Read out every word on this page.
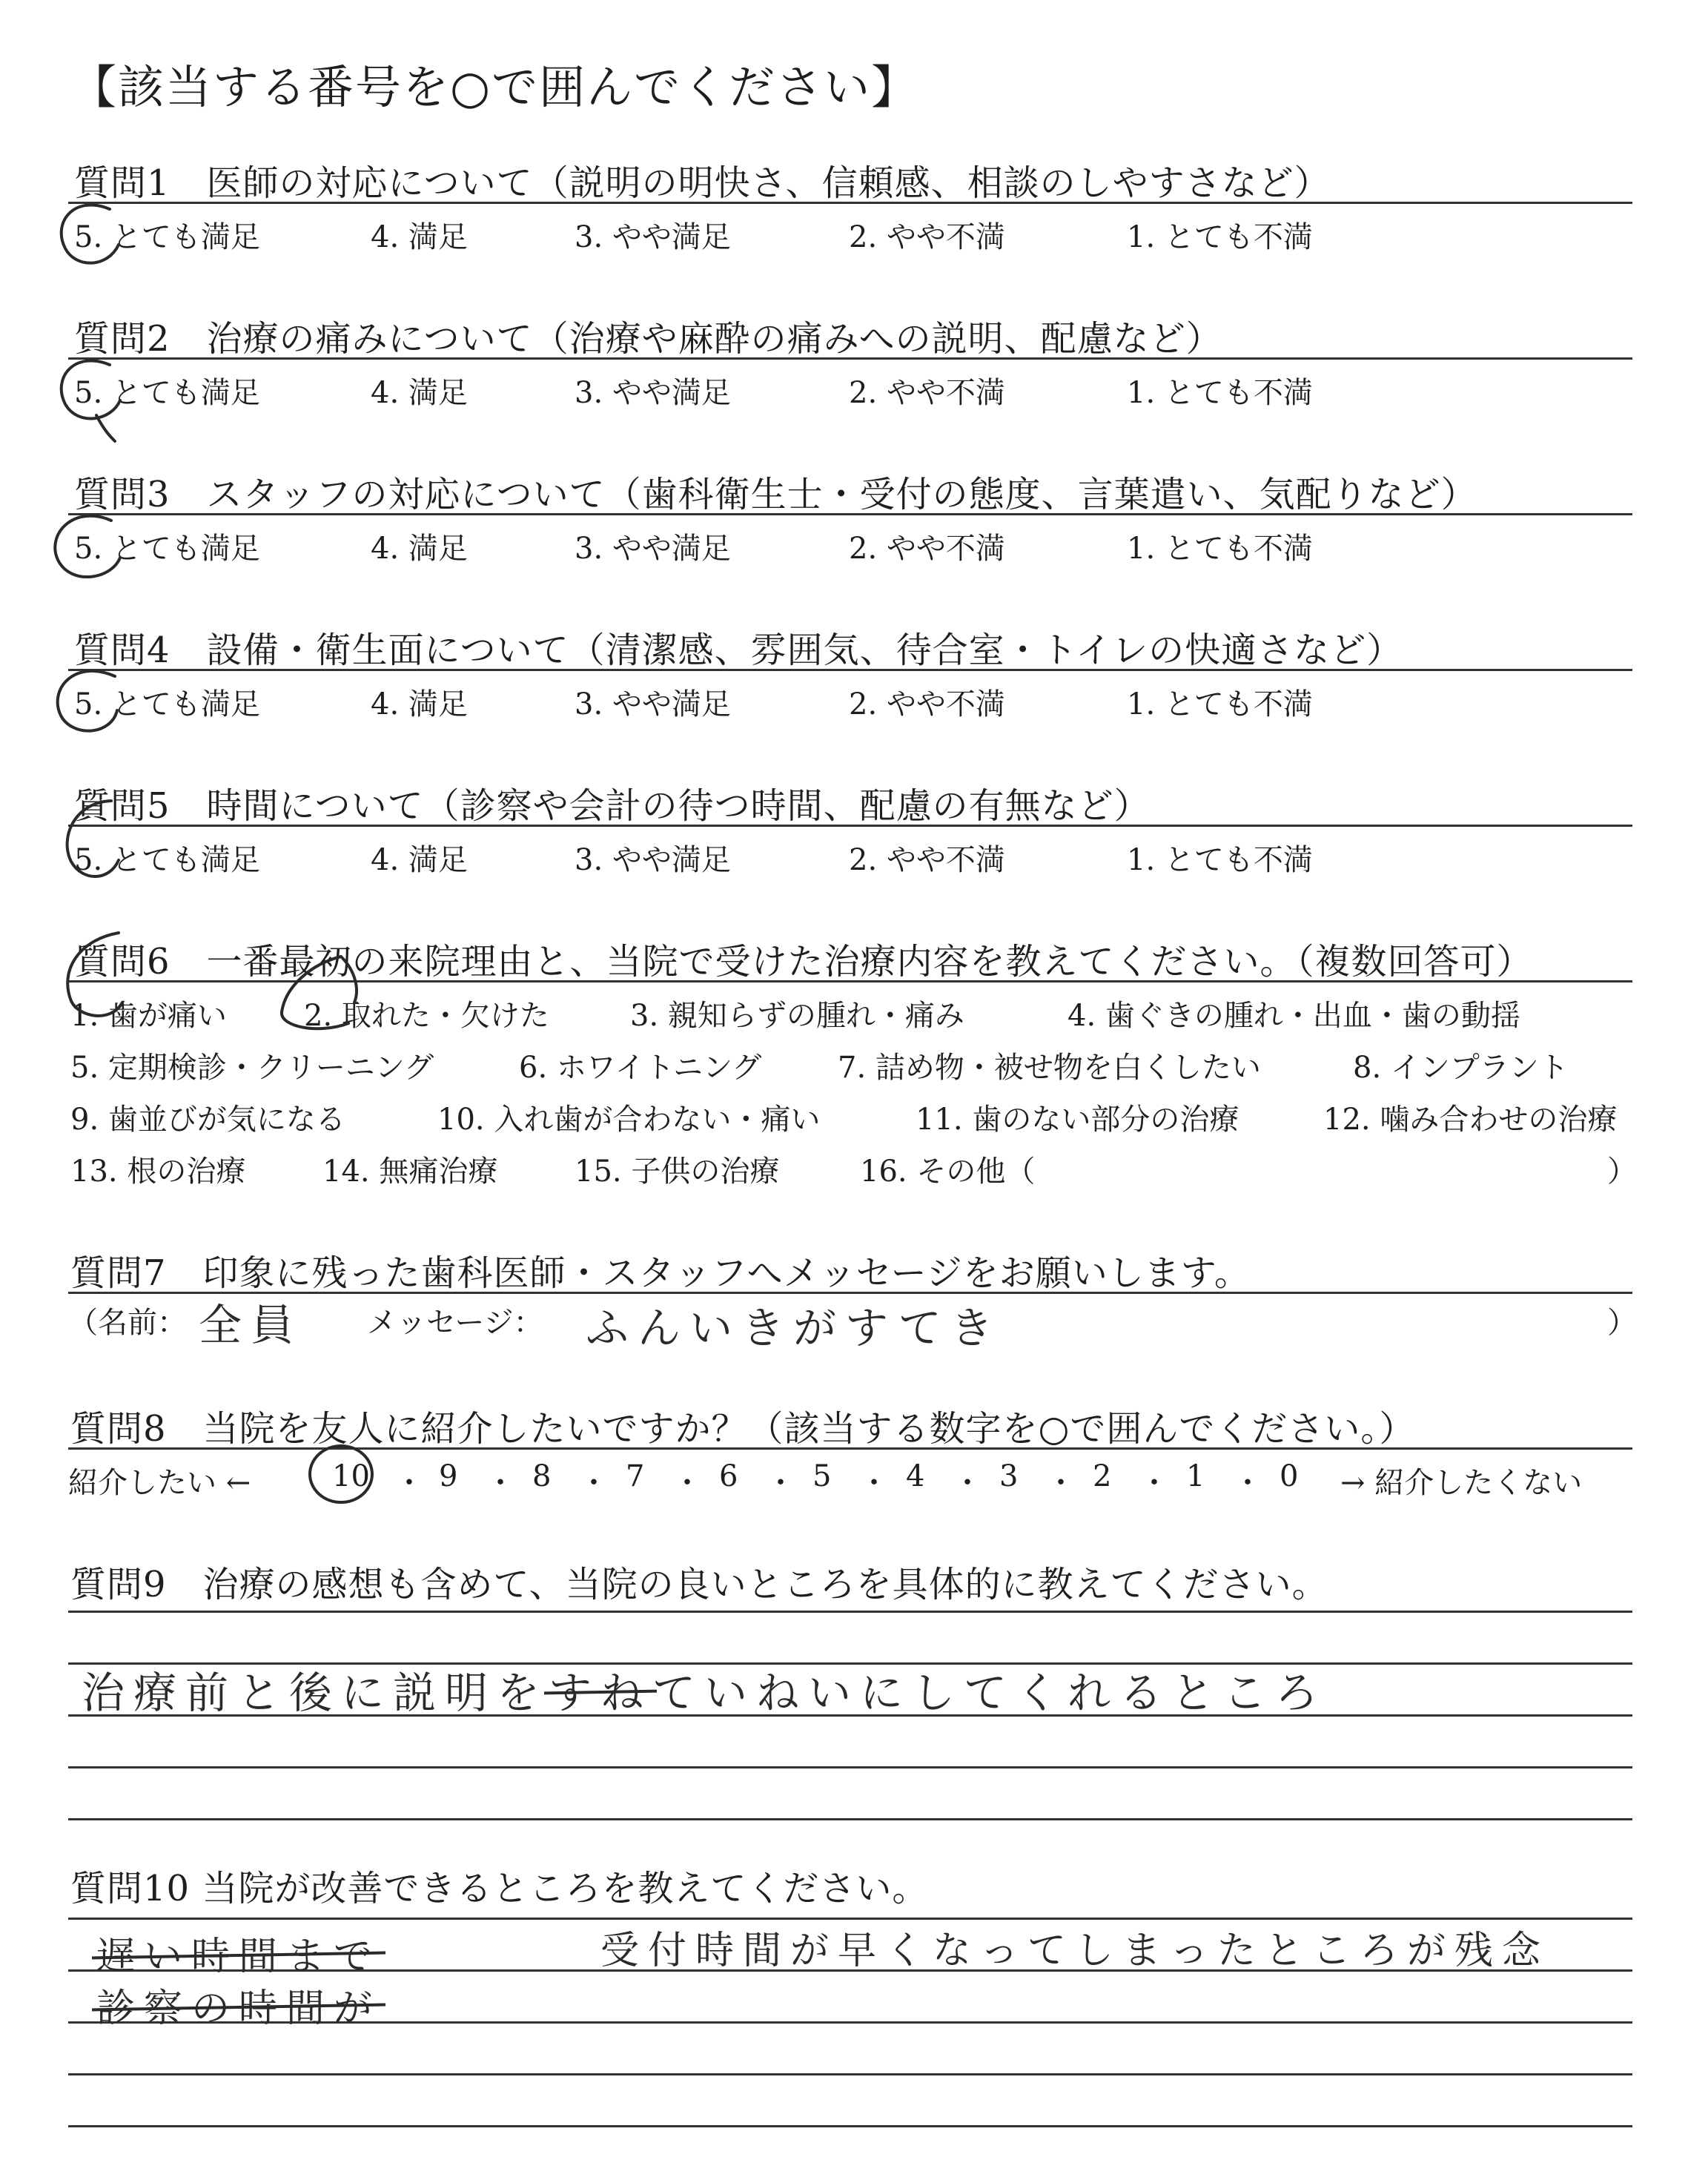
【該当する番号を○で囲んでください】
質問1　医師の対応について（説明の明快さ、信頼感、相談のしやすさなど）
5. とても満足	4. 満足	3. やや満足	2. やや不満	1. とても不満
質問2　治療の痛みについて（治療や麻酔の痛みへの説明、配慮など）
5. とても満足	4. 満足	3. やや満足	2. やや不満	1. とても不満
質問3　スタッフの対応について（歯科衛生士・受付の態度、言葉遣い、気配りなど）
5. とても満足	4. 満足	3. やや満足	2. やや不満	1. とても不満
質問4　設備・衛生面について（清潔感、雰囲気、待合室・トイレの快適さなど）
5. とても満足	4. 満足	3. やや満足	2. やや不満	1. とても不満
質問5　時間について（診察や会計の待つ時間、配慮の有無など）
5. とても満足	4. 満足	3. やや満足	2. やや不満	1. とても不満
質問6　一番最初の来院理由と、当院で受けた治療内容を教えてください。（複数回答可）
1. 歯が痛い	2. 取れた・欠けた	3. 親知らずの腫れ・痛み	4. 歯ぐきの腫れ・出血・歯の動揺
5. 定期検診・クリーニング	6. ホワイトニング	7. 詰め物・被せ物を白くしたい	8. インプラント
9. 歯並びが気になる	10. 入れ歯が合わない・痛い	11. 歯のない部分の治療	12. 噛み合わせの治療
13. 根の治療	14. 無痛治療	15. 子供の治療	16. その他（	）
質問7　印象に残った歯科医師・スタッフへメッセージをお願いします。
（名前： 全員 メッセージ： ふんいきがすてき	）
質問8　当院を友人に紹介したいですか？（該当する数字を○で囲んでください。）
紹介したい ←	10 ・ 9 ・ 8 ・ 7 ・ 6 ・ 5 ・ 4 ・ 3 ・ 2 ・ 1 ・ 0 → 紹介したくない
質問9　治療の感想も含めて、当院の良いところを具体的に教えてください。
治療前と後に説明をすねていねいにしてくれるところ
質問10 当院が改善できるところを教えてください。
遅い時間まで
診察の時間が
受付時間が早くなってしまったところが残念
